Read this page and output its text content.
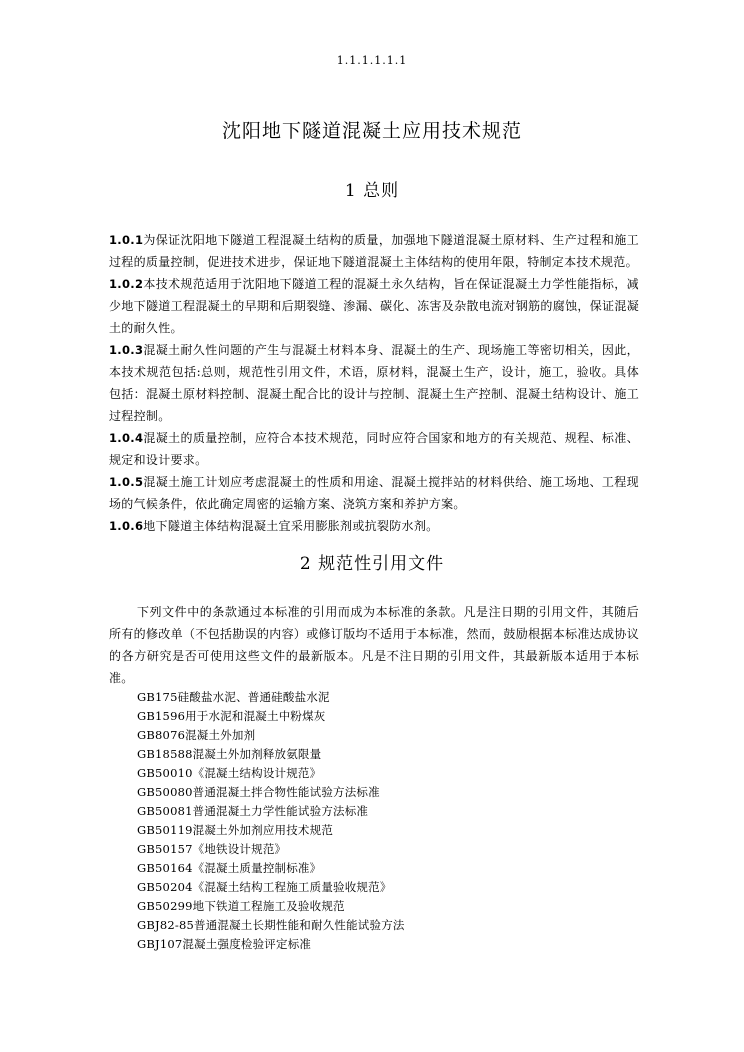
1.1.1.1.1.1
沈阳地下隧道混凝土应用技术规范
1 总则

1.0.1为保证沈阳地下隧道工程混凝土结构的质量，加强地下隧道混凝土原材料、生产过程和施工过程的质量控制，促进技术进步，保证地下隧道混凝土主体结构的使用年限，特制定本技术规范。

1.0.2本技术规范适用于沈阳地下隧道工程的混凝土永久结构，旨在保证混凝土力学性能指标，减少地下隧道工程混凝土的早期和后期裂缝、渗漏、碳化、冻害及杂散电流对钢筋的腐蚀，保证混凝土的耐久性。

1.0.3混凝土耐久性问题的产生与混凝土材料本身、混凝土的生产、现场施工等密切相关，因此，本技术规范包括:总则，规范性引用文件，术语，原材料，混凝土生产，设计，施工，验收。具体包括：混凝土原材料控制、混凝土配合比的设计与控制、混凝土生产控制、混凝土结构设计、施工过程控制。

1.0.4混凝土的质量控制，应符合本技术规范，同时应符合国家和地方的有关规范、规程、标准、规定和设计要求。

1.0.5混凝土施工计划应考虑混凝土的性质和用途、混凝土搅拌站的材料供给、施工场地、工程现场的气候条件，依此确定周密的运输方案、浇筑方案和养护方案。

1.0.6地下隧道主体结构混凝土宜采用膨胀剂或抗裂防水剂。

2 规范性引用文件

下列文件中的条款通过本标准的引用而成为本标准的条款。凡是注日期的引用文件，其随后所有的修改单（不包括勘误的内容）或修订版均不适用于本标准，然而，鼓励根据本标准达成协议的各方研究是否可使用这些文件的最新版本。凡是不注日期的引用文件，其最新版本适用于本标准。

GB175硅酸盐水泥、普通硅酸盐水泥
GB1596用于水泥和混凝土中粉煤灰
GB8076混凝土外加剂
GB18588混凝土外加剂释放氨限量
GB50010《混凝土结构设计规范》
GB50080普通混凝土拌合物性能试验方法标准
GB50081普通混凝土力学性能试验方法标准
GB50119混凝土外加剂应用技术规范
GB50157《地铁设计规范》
GB50164《混凝土质量控制标准》
GB50204《混凝土结构工程施工质量验收规范》
GB50299地下铁道工程施工及验收规范
GBJ82-85普通混凝土长期性能和耐久性能试验方法
GBJ107混凝土强度检验评定标准
